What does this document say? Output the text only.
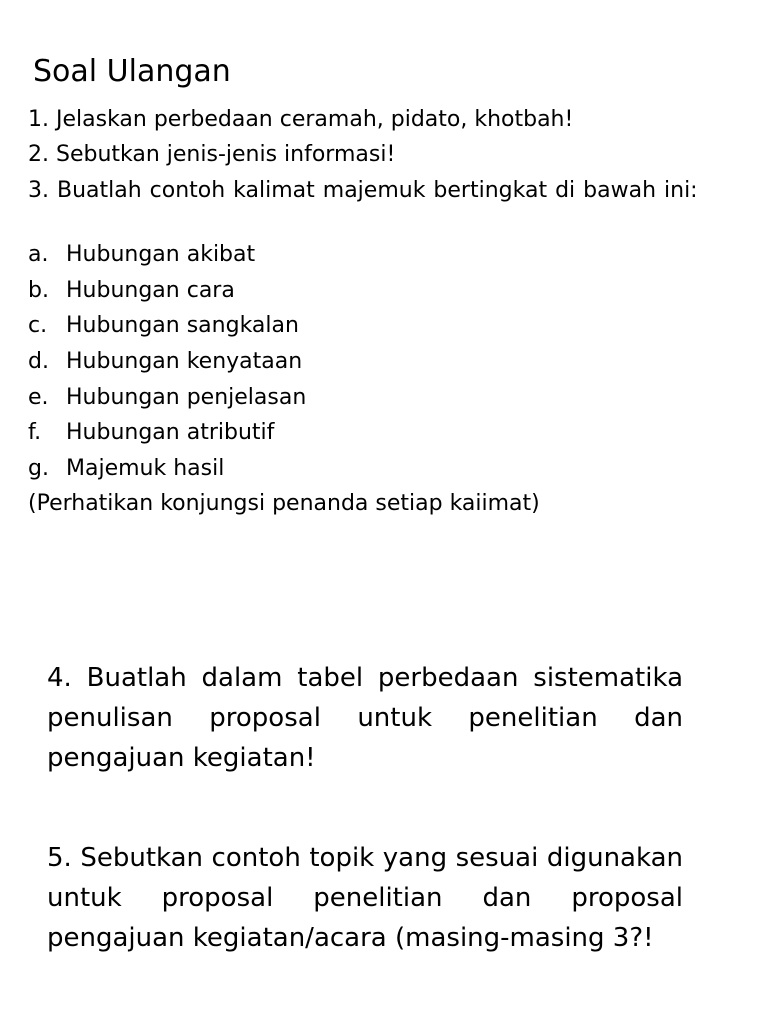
Soal Ulangan
1. Jelaskan perbedaan ceramah, pidato, khotbah!
2. Sebutkan jenis-jenis informasi!
3. Buatlah contoh kalimat majemuk bertingkat di bawah ini:
a. Hubungan akibat
b. Hubungan cara
c. Hubungan sangkalan
d. Hubungan kenyataan
e. Hubungan penjelasan
f. Hubungan atributif
g. Majemuk hasil
(Perhatikan konjungsi penanda setiap kaiimat)
4. Buatlah dalam tabel perbedaan sistematika penulisan proposal untuk penelitian dan pengajuan kegiatan!
5. Sebutkan contoh topik yang sesuai digunakan untuk proposal penelitian dan proposal pengajuan kegiatan/acara (masing-masing 3?!
